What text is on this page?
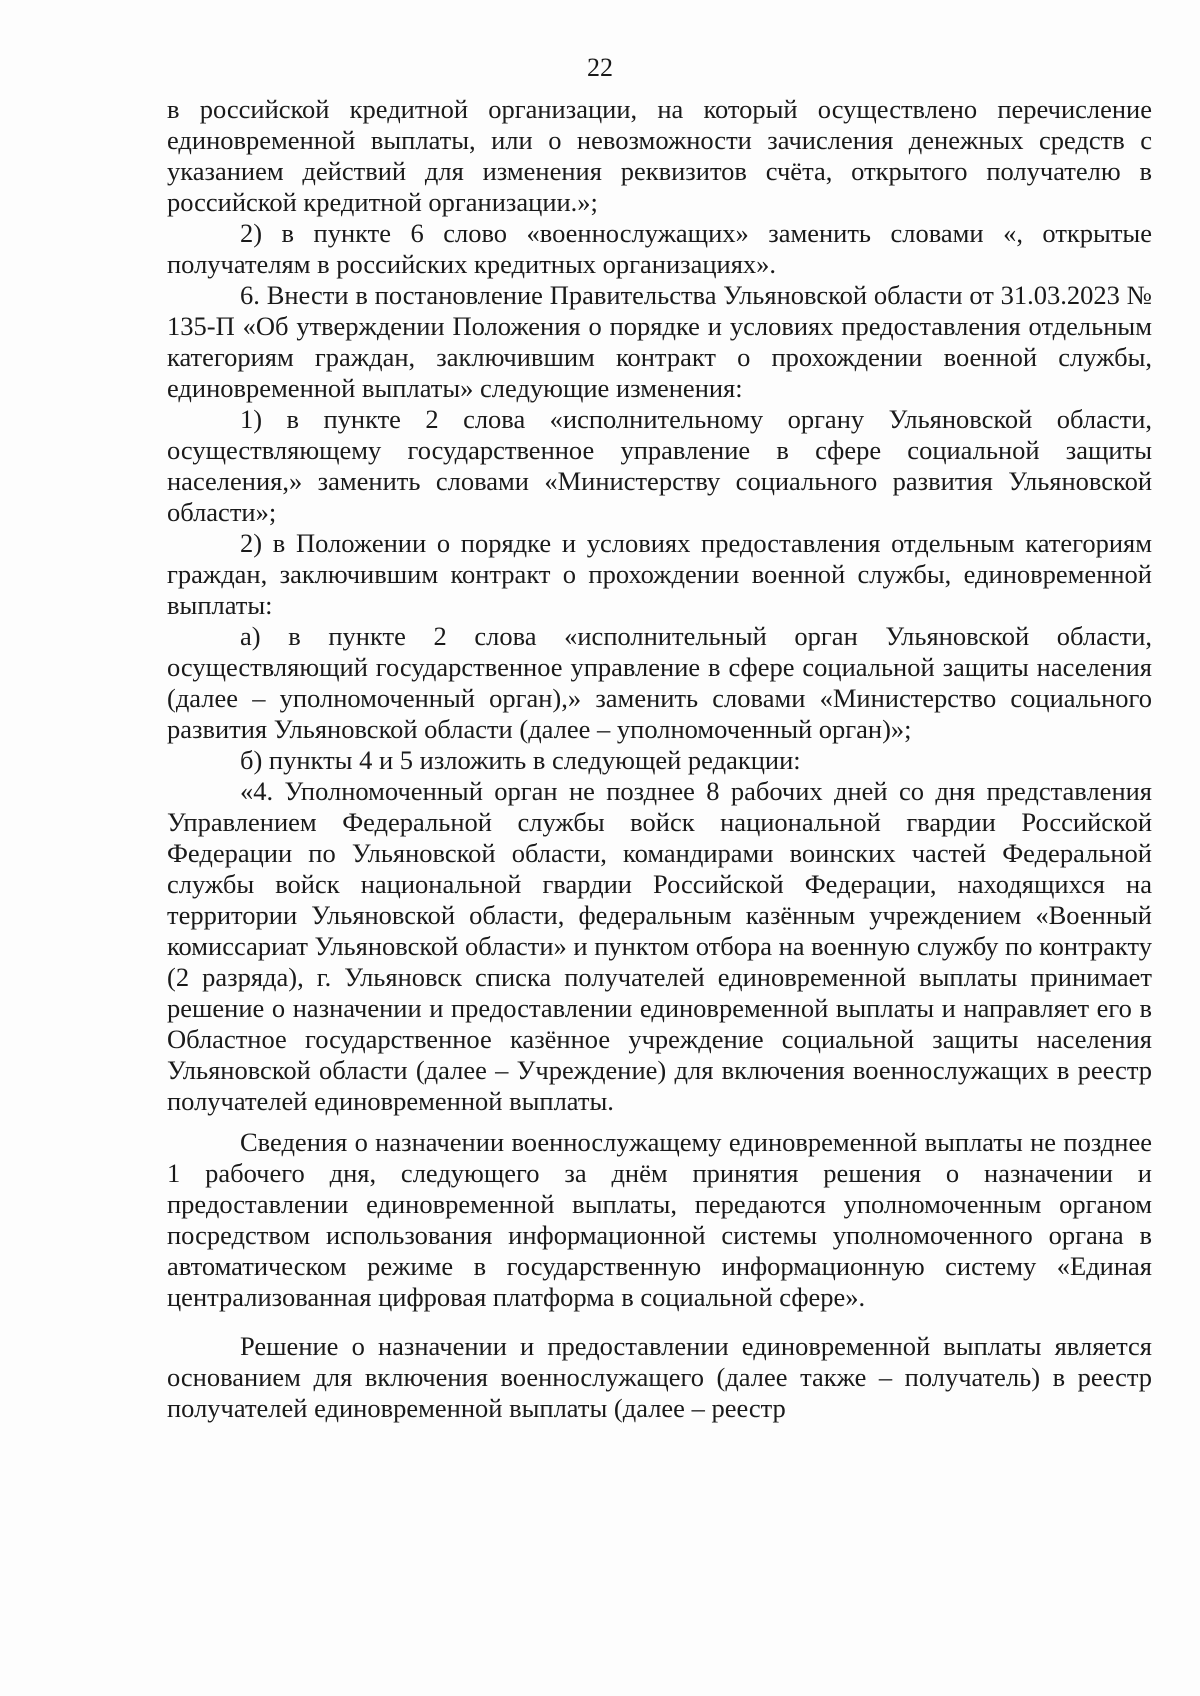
22

в российской кредитной организации, на который осуществлено перечисление единовременной выплаты, или о невозможности зачисления денежных средств с указанием действий для изменения реквизитов счёта, открытого получателю в российской кредитной организации.»;

2) в пункте 6 слово «военнослужащих» заменить словами «, открытые получателям в российских кредитных организациях».

6. Внести в постановление Правительства Ульяновской области от 31.03.2023 № 135-П «Об утверждении Положения о порядке и условиях предоставления отдельным категориям граждан, заключившим контракт о прохождении военной службы, единовременной выплаты» следующие изменения:

1) в пункте 2 слова «исполнительному органу Ульяновской области, осуществляющему государственное управление в сфере социальной защиты населения,» заменить словами «Министерству социального развития Ульяновской области»;

2) в Положении о порядке и условиях предоставления отдельным категориям граждан, заключившим контракт о прохождении военной службы, единовременной выплаты:

а) в пункте 2 слова «исполнительный орган Ульяновской области, осуществляющий государственное управление в сфере социальной защиты населения (далее – уполномоченный орган),» заменить словами «Министерство социального развития Ульяновской области (далее – уполномоченный орган)»;

б) пункты 4 и 5 изложить в следующей редакции:

«4. Уполномоченный орган не позднее 8 рабочих дней со дня представления Управлением Федеральной службы войск национальной гвардии Российской Федерации по Ульяновской области, командирами воинских частей Федеральной службы войск национальной гвардии Российской Федерации, находящихся на территории Ульяновской области, федеральным казённым учреждением «Военный комиссариат Ульяновской области» и пунктом отбора на военную службу по контракту (2 разряда), г. Ульяновск списка получателей единовременной выплаты принимает решение о назначении и предоставлении единовременной выплаты и направляет его в Областное государственное казённое учреждение социальной защиты населения Ульяновской области (далее – Учреждение) для включения военнослужащих в реестр получателей единовременной выплаты.

Сведения о назначении военнослужащему единовременной выплаты не позднее 1 рабочего дня, следующего за днём принятия решения о назначении и предоставлении единовременной выплаты, передаются уполномоченным органом посредством использования информационной системы уполномоченного органа в автоматическом режиме в государственную информационную систему «Единая централизованная цифровая платформа в социальной сфере».

Решение о назначении и предоставлении единовременной выплаты является основанием для включения военнослужащего (далее также – получатель) в реестр получателей единовременной выплаты (далее – реестр
